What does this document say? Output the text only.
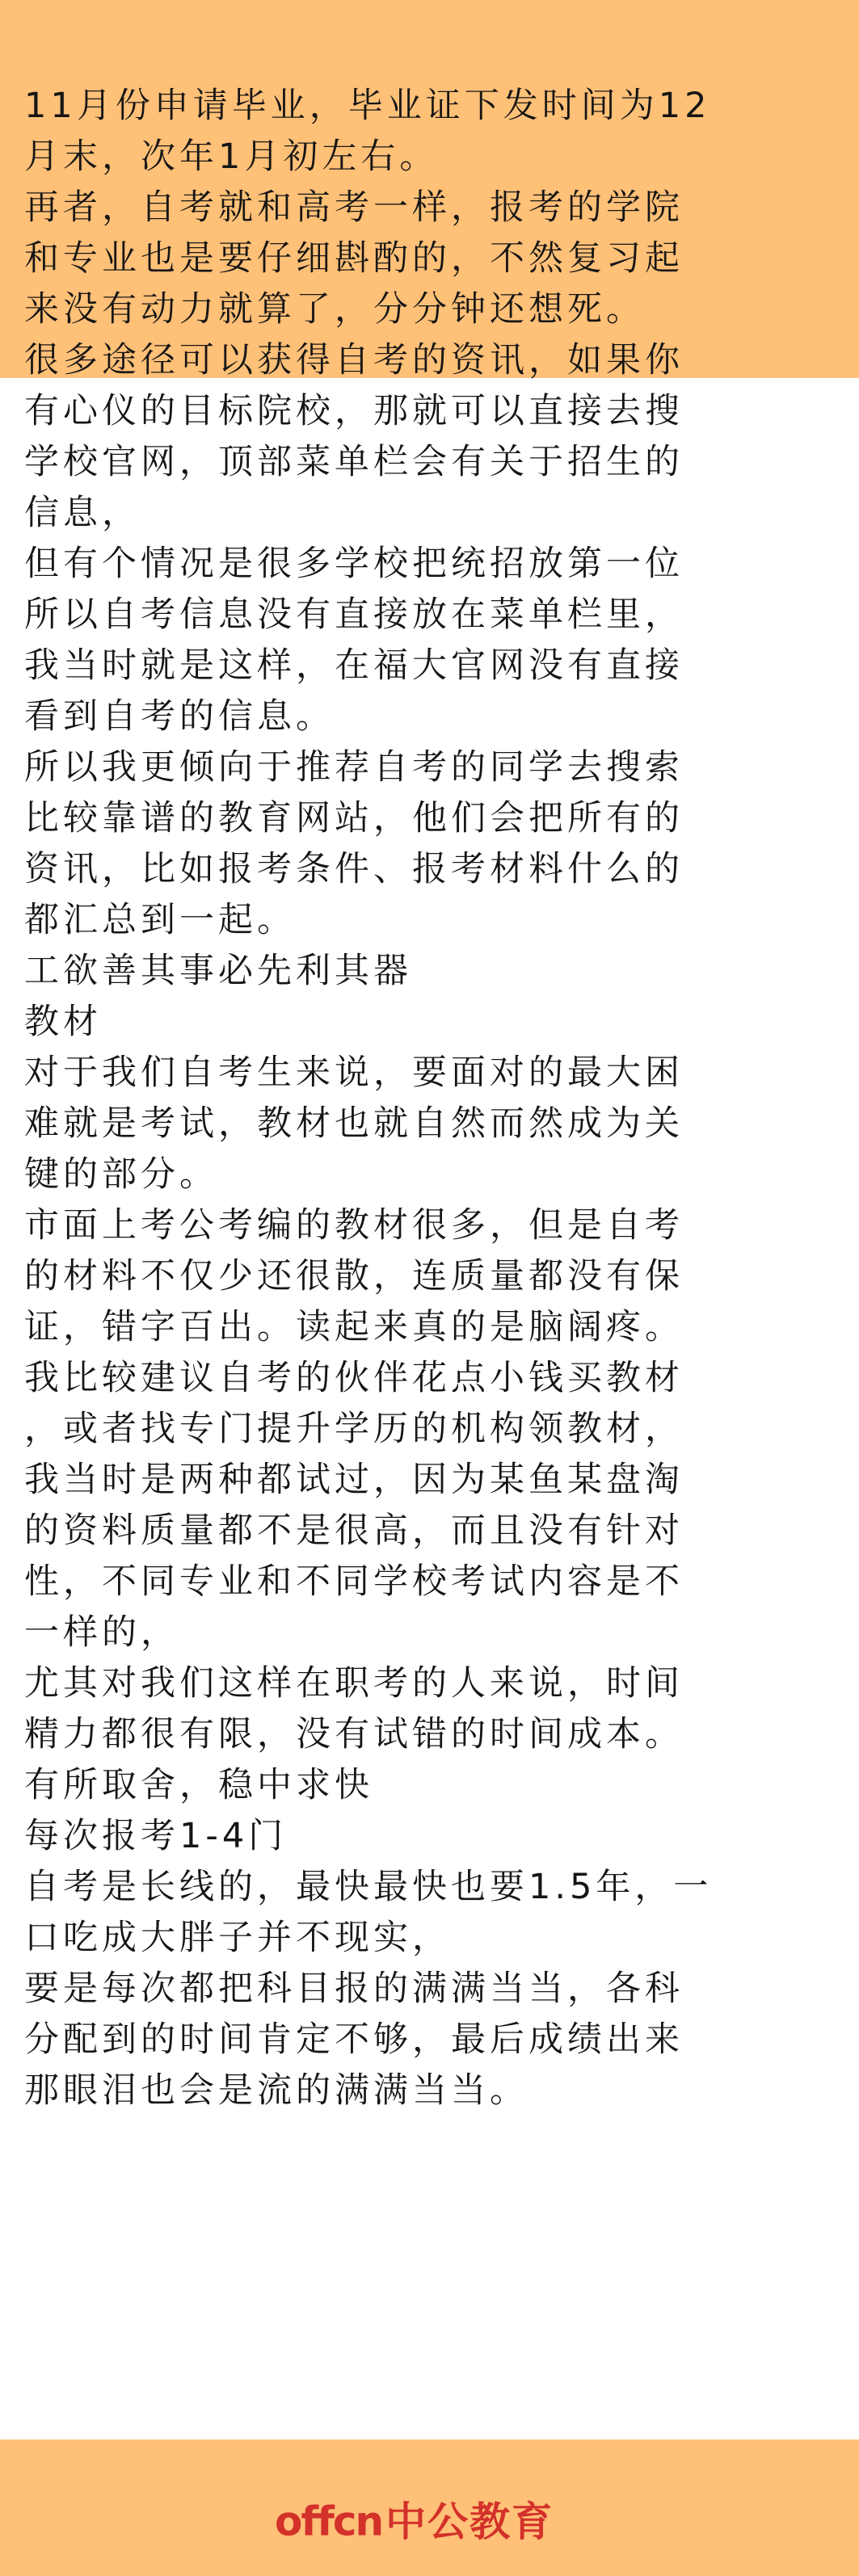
11月份申请毕业，毕业证下发时间为12
月末，次年1月初左右。
再者，自考就和高考一样，报考的学院
和专业也是要仔细斟酌的，不然复习起
来没有动力就算了，分分钟还想死。
很多途径可以获得自考的资讯，如果你
有心仪的目标院校，那就可以直接去搜
学校官网，顶部菜单栏会有关于招生的
信息，
但有个情况是很多学校把统招放第一位
所以自考信息没有直接放在菜单栏里，
我当时就是这样，在福大官网没有直接
看到自考的信息。
所以我更倾向于推荐自考的同学去搜索
比较靠谱的教育网站，他们会把所有的
资讯，比如报考条件、报考材料什么的
都汇总到一起。
工欲善其事必先利其器
教材
对于我们自考生来说，要面对的最大困
难就是考试，教材也就自然而然成为关
键的部分。
市面上考公考编的教材很多，但是自考
的材料不仅少还很散，连质量都没有保
证，错字百出。读起来真的是脑阔疼。
我比较建议自考的伙伴花点小钱买教材
，或者找专门提升学历的机构领教材，
我当时是两种都试过，因为某鱼某盘淘
的资料质量都不是很高，而且没有针对
性，不同专业和不同学校考试内容是不
一样的，
尤其对我们这样在职考的人来说，时间
精力都很有限，没有试错的时间成本。
有所取舍，稳中求快
每次报考1-4门
自考是长线的，最快最快也要1.5年，一
口吃成大胖子并不现实，
要是每次都把科目报的满满当当，各科
分配到的时间肯定不够，最后成绩出来
那眼泪也会是流的满满当当。
offcn中公教育
